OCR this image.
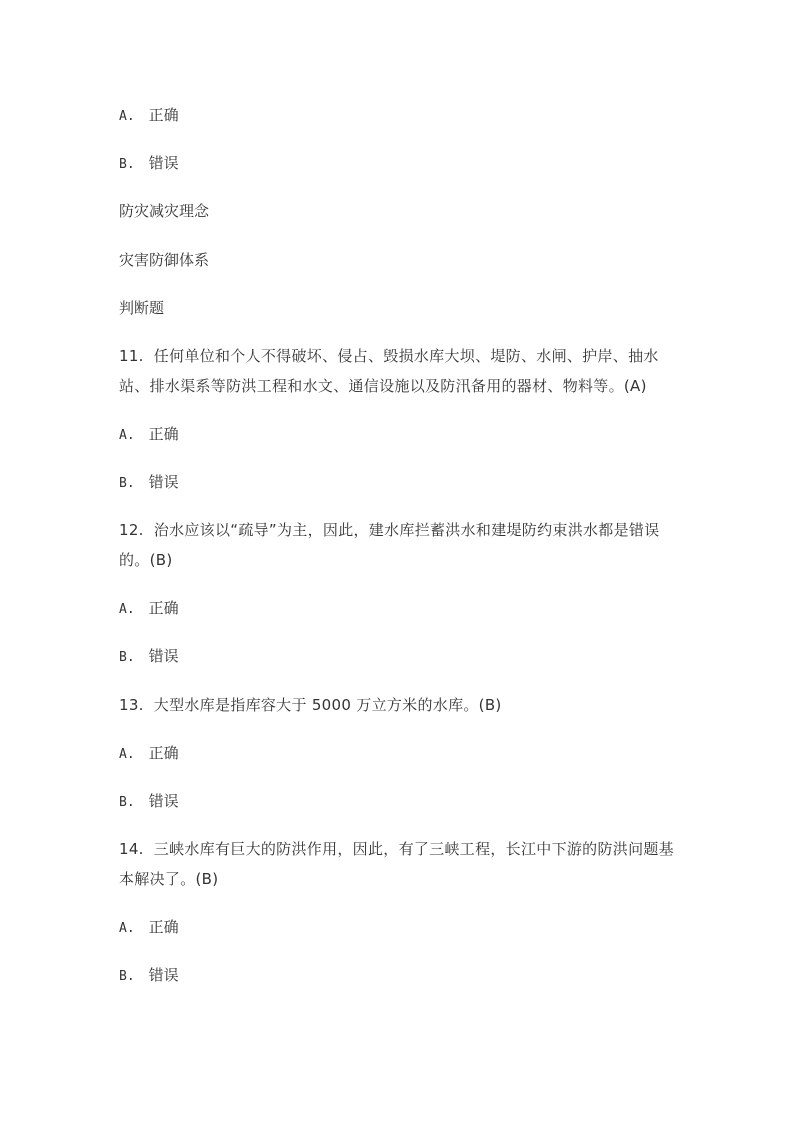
A. 正确

B. 错误

防灾减灾理念

灾害防御体系

判断题

11. 任何单位和个人不得破坏、侵占、毁损水库大坝、堤防、水闸、护岸、抽水站、排水渠系等防洪工程和水文、通信设施以及防汛备用的器材、物料等。(A)

A. 正确

B. 错误

12. 治水应该以“疏导”为主，因此，建水库拦蓄洪水和建堤防约束洪水都是错误的。(B)

A. 正确

B. 错误

13. 大型水库是指库容大于 5000 万立方米的水库。(B)

A. 正确

B. 错误

14. 三峡水库有巨大的防洪作用，因此，有了三峡工程，长江中下游的防洪问题基本解决了。(B)

A. 正确

B. 错误
